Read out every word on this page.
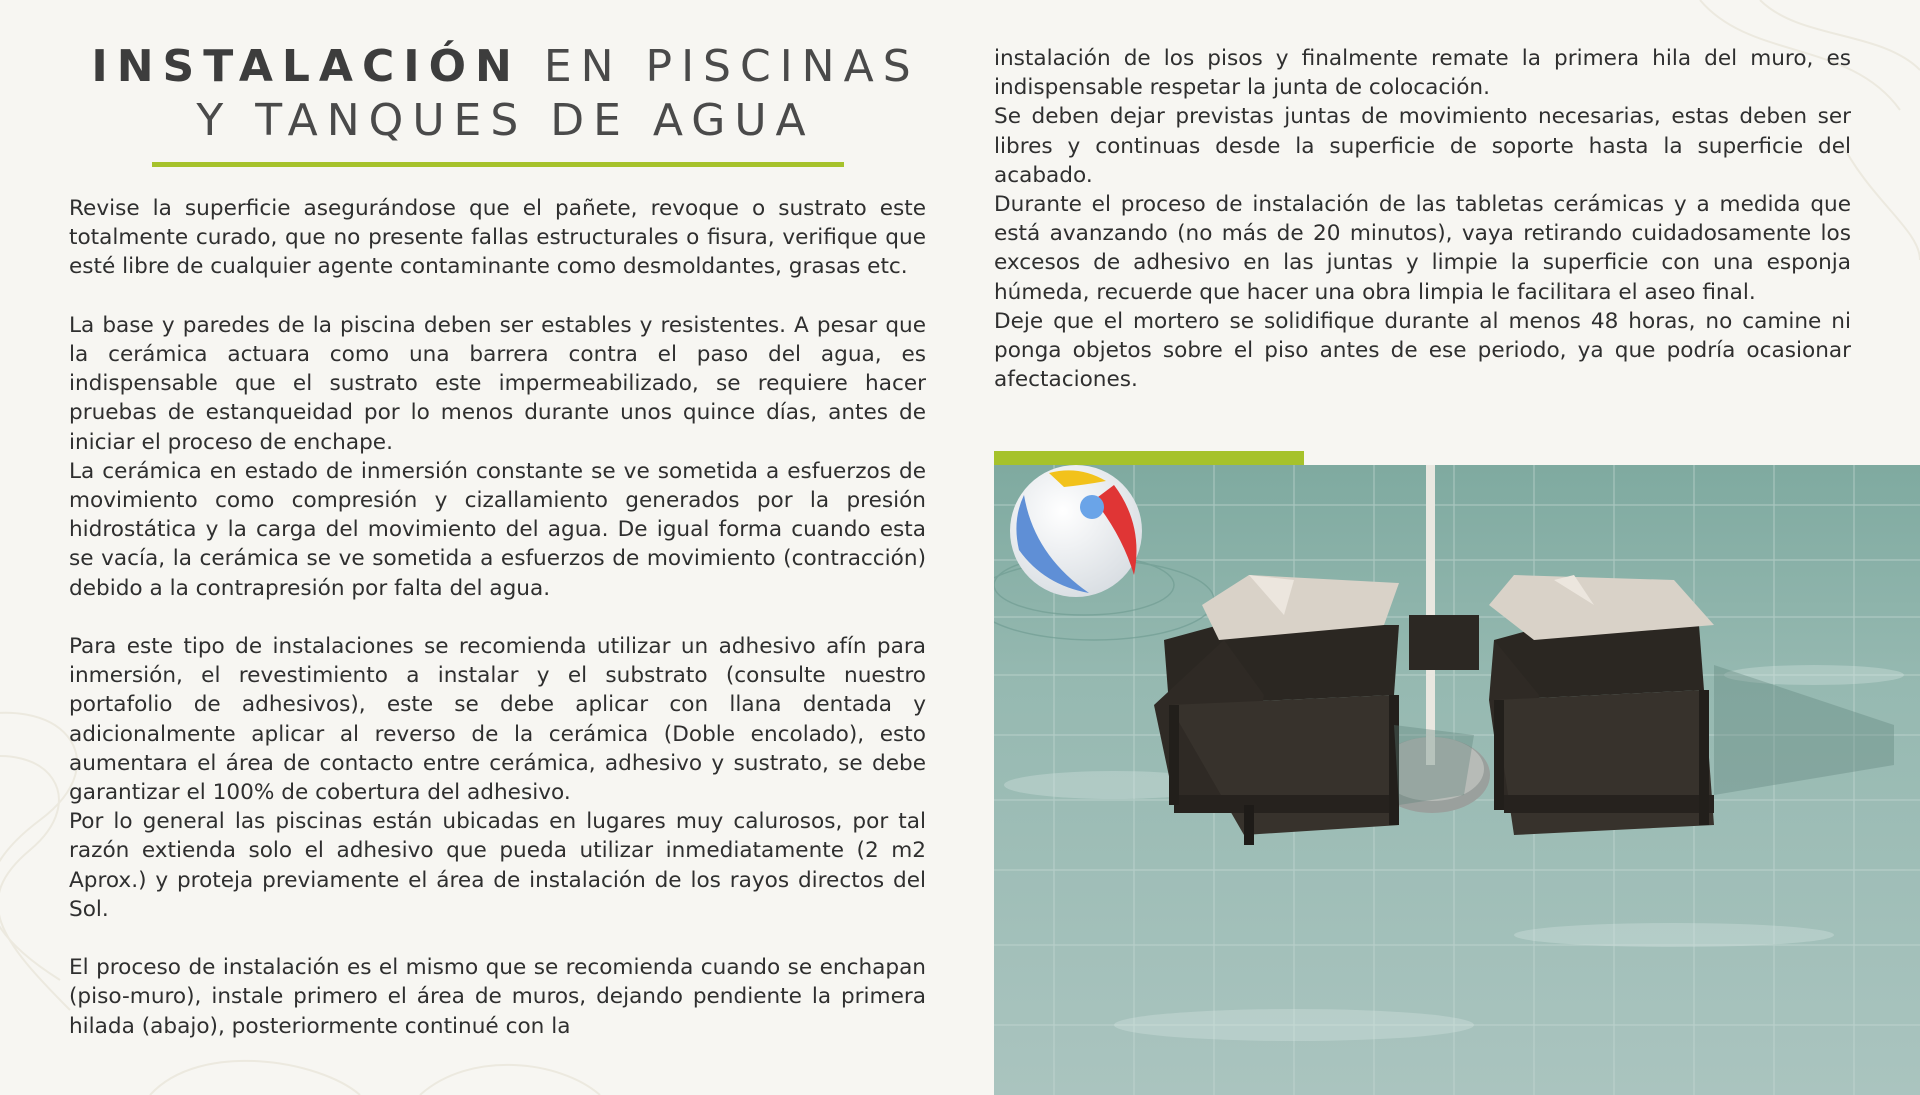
INSTALACIÓN EN PISCINAS
Y TANQUES DE AGUA

Revise la superficie asegurándose que el pañete, revoque o sustrato este totalmente curado, que no presente fallas estructurales o fisura, verifique que esté libre de cualquier agente contaminante como desmoldantes, grasas etc.

La base y paredes de la piscina deben ser estables y resistentes. A pesar que la cerámica actuara como una barrera contra el paso del agua, es indispensable que el sustrato este impermeabilizado, se requiere hacer pruebas de estanqueidad por lo menos durante unos quince días, antes de iniciar el proceso de enchape.

La cerámica en estado de inmersión constante se ve sometida a esfuerzos de movimiento como compresión y cizallamiento generados por la presión hidrostática y la carga del movimiento del agua. De igual forma cuando esta se vacía, la cerámica se ve sometida a esfuerzos de movimiento (contracción) debido a la contrapresión por falta del agua.

Para este tipo de instalaciones se recomienda utilizar un adhesivo afín para inmersión, el revestimiento a instalar y el substrato (consulte nuestro portafolio de adhesivos), este se debe aplicar con llana dentada y adicionalmente aplicar al reverso de la cerámica (Doble encolado), esto aumentara el área de contacto entre cerámica, adhesivo y sustrato, se debe garantizar el 100% de cobertura del adhesivo.

Por lo general las piscinas están ubicadas en lugares muy calurosos, por tal razón extienda solo el adhesivo que pueda utilizar inmediatamente (2 m2 Aprox.) y proteja previamente el área de instalación de los rayos directos del Sol.

El proceso de instalación es el mismo que se recomienda cuando se enchapan (piso-muro), instale primero el área de muros, dejando pendiente la primera hilada (abajo), posteriormente continué con la

instalación de los pisos y finalmente remate la primera hila del muro, es indispensable respetar la junta de colocación.

Se deben dejar previstas juntas de movimiento necesarias, estas deben ser libres y continuas desde la superficie de soporte hasta la superficie del acabado.

Durante el proceso de instalación de las tabletas cerámicas y a medida que está avanzando (no más de 20 minutos), vaya retirando cuidadosamente los excesos de adhesivo en las juntas y limpie la superficie con una esponja húmeda, recuerde que hacer una obra limpia le facilitara el aseo final.

Deje que el mortero se solidifique durante al menos 48 horas, no camine ni ponga objetos sobre el piso antes de ese periodo, ya que podría ocasionar afectaciones.
